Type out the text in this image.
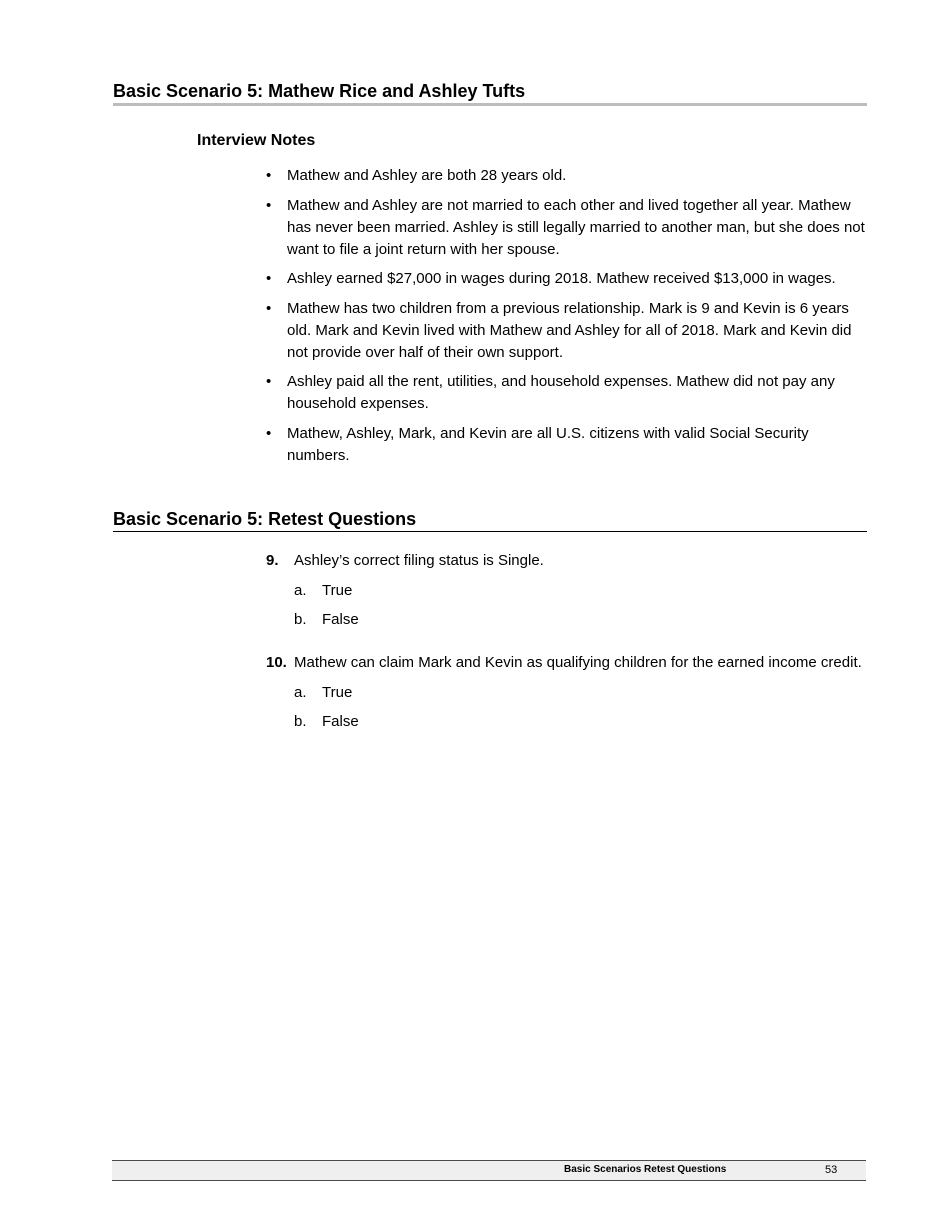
Basic Scenario 5: Mathew Rice and Ashley Tufts
Interview Notes
• Mathew and Ashley are both 28 years old.
• Mathew and Ashley are not married to each other and lived together all year. Mathew has never been married. Ashley is still legally married to another man, but she does not want to file a joint return with her spouse.
• Ashley earned $27,000 in wages during 2018. Mathew received $13,000 in wages.
• Mathew has two children from a previous relationship. Mark is 9 and Kevin is 6 years old. Mark and Kevin lived with Mathew and Ashley for all of 2018. Mark and Kevin did not provide over half of their own support.
• Ashley paid all the rent, utilities, and household expenses. Mathew did not pay any household expenses.
• Mathew, Ashley, Mark, and Kevin are all U.S. citizens with valid Social Security numbers.
Basic Scenario 5: Retest Questions
9. Ashley’s correct filing status is Single.
a. True
b. False
10. Mathew can claim Mark and Kevin as qualifying children for the earned income credit.
a. True
b. False
Basic Scenarios Retest Questions	53
